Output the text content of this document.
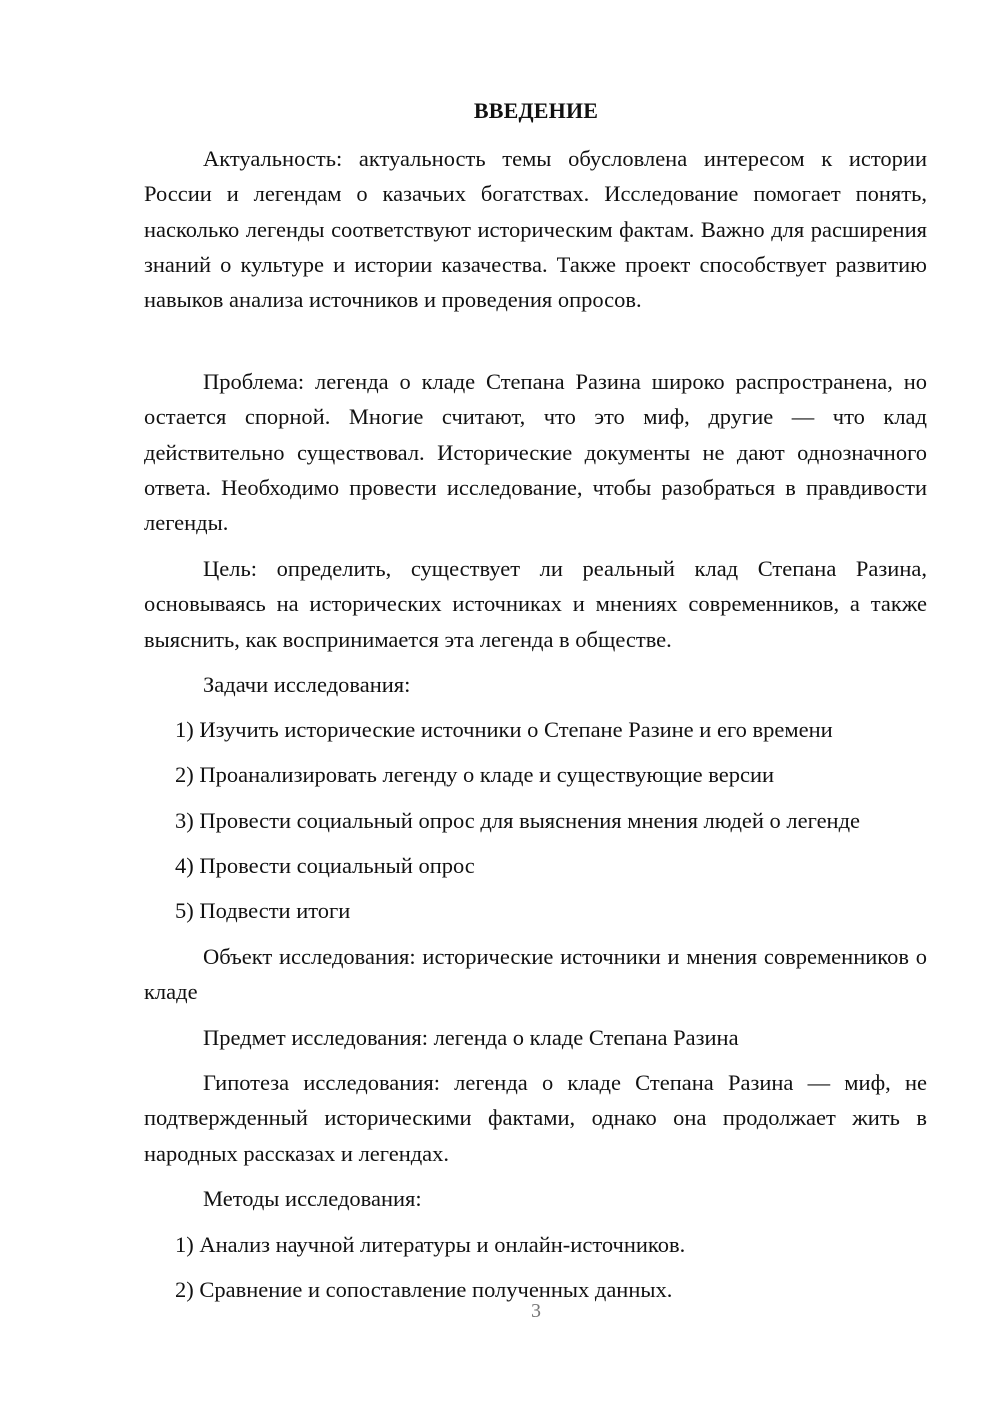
ВВЕДЕНИЕ

Актуальность: актуальность темы обусловлена интересом к истории России и легендам о казачьих богатствах. Исследование помогает понять, насколько легенды соответствуют историческим фактам. Важно для расширения знаний о культуре и истории казачества. Также проект способствует развитию навыков анализа источников и проведения опросов.

Проблема: легенда о кладе Степана Разина широко распространена, но остается спорной. Многие считают, что это миф, другие — что клад действительно существовал. Исторические документы не дают однозначного ответа. Необходимо провести исследование, чтобы разобраться в правдивости легенды.

Цель: определить, существует ли реальный клад Степана Разина, основываясь на исторических источниках и мнениях современников, а также выяснить, как воспринимается эта легенда в обществе.

Задачи исследования:

1) Изучить исторические источники о Степане Разине и его времени
2) Проанализировать легенду о кладе и существующие версии
3) Провести социальный опрос для выяснения мнения людей о легенде
4) Провести социальный опрос
5) Подвести итоги

Объект исследования: исторические источники и мнения современников о кладе

Предмет исследования: легенда о кладе Степана Разина

Гипотеза исследования: легенда о кладе Степана Разина — миф, не подтвержденный историческими фактами, однако она продолжает жить в народных рассказах и легендах.

Методы исследования:

1) Анализ научной литературы и онлайн-источников.
2) Сравнение и сопоставление полученных данных.
3
